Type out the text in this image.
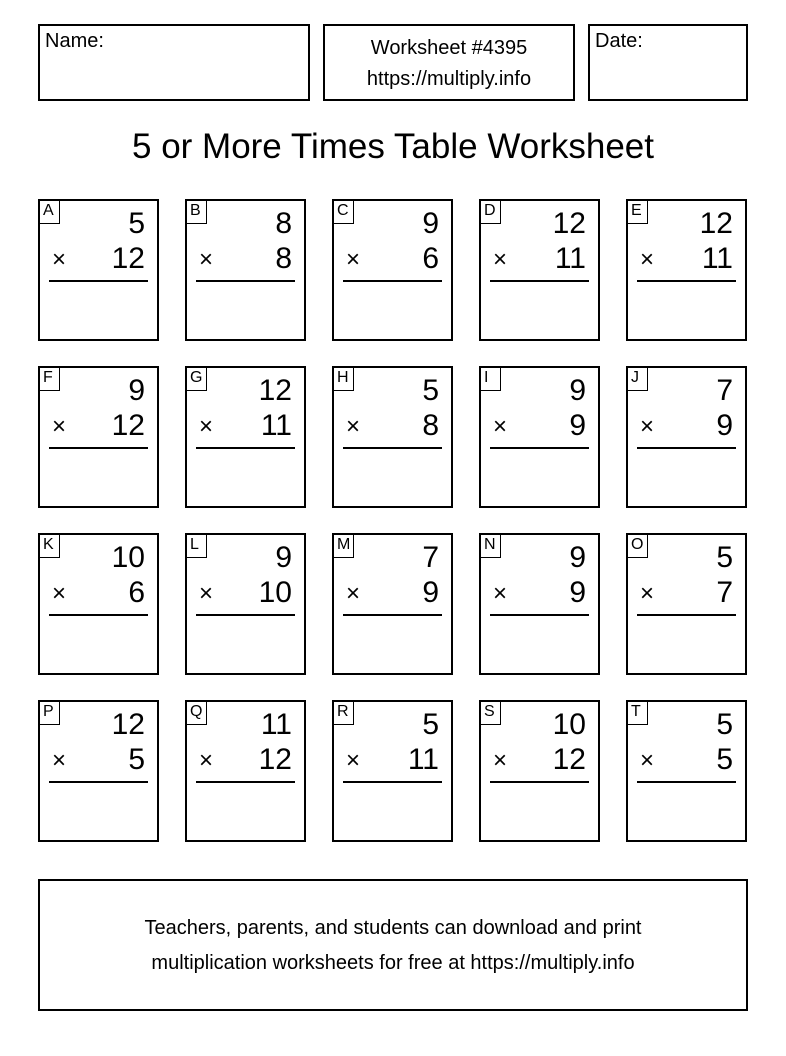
Name:	Worksheet #4395
https://multiply.info
Date:
5 or More Times Table Worksheet
A 5
× 12
B 8
× 8
C 9
× 6
D 12
× 11
E 12
× 11
F	9
× 12
G 12
× 11
H 5
× 8
I	9
× 9
J	7
× 9
K 10
× 6
L	9
× 10
M 7
× 9
N 9
× 9
O 5
× 7
P 12
× 5
Q 11
× 12
R 5
× 11
S 10
× 12
T	5
× 5
Teachers, parents, and students can download and print
multiplication worksheets for free at https://multiply.info
